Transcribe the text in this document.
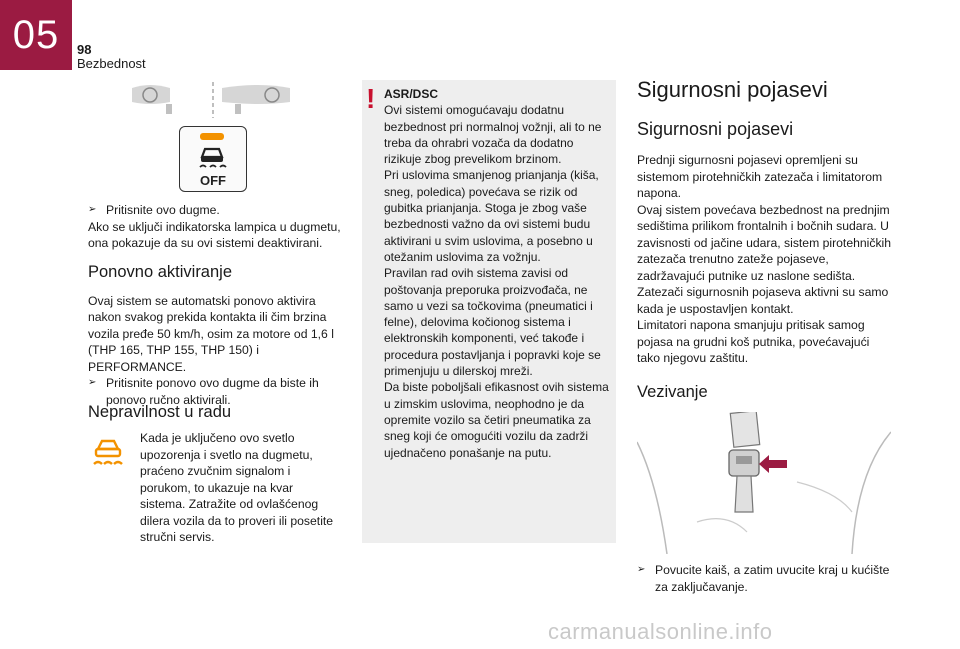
05 98
Bezbednost
OFF
➢ Pritisnite ovo dugme.

Ako se uključi indikatorska lampica u dugmetu, ona pokazuje da su ovi sistemi deaktivirani.

Ponovno aktiviranje

Ovaj sistem se automatski ponovo aktivira nakon svakog prekida kontakta ili čim brzina vozila pređe 50 km/h, osim za motore od 1,6 l (THP 165, THP 155, THP 150) i PERFORMANCE.

➢ Pritisnite ponovo ovo dugme da biste ih ponovo ručno aktivirali.
Nepravilnost u radu

Kada je uključeno ovo svetlo upozorenja i svetlo na dugmetu, praćeno zvučnim signalom i porukom, to ukazuje na kvar sistema. Zatražite od ovlašćenog dilera vozila da to proveri ili posetite stručni servis.

! ASR/DSC

Ovi sistemi omogućavaju dodatnu bezbednost pri normalnoj vožnji, ali to ne treba da ohrabri vozača da dodatno rizikuje zbog prevelikom brzinom.

Pri uslovima smanjenog prianjanja (kiša, sneg, poledica) povećava se rizik od gubitka prianjanja. Stoga je zbog vaše bezbednosti važno da ovi sistemi budu aktivirani u svim uslovima, a posebno u otežanim uslovima za vožnju.

Pravilan rad ovih sistema zavisi od poštovanja preporuka proizvođača, ne samo u vezi sa točkovima (pneumatici i felne), delovima kočionog sistema i elektronskih komponenti, već takođe i procedura postavljanja i popravki koje se primenjuju u dilerskoj mreži.

Da biste poboljšali efikasnost ovih sistema u zimskim uslovima, neophodno je da opremite vozilo sa četiri pneumatika za sneg koji će omogućiti vozilu da zadrži ujednačeno ponašanje na putu.

Sigurnosni pojasevi
Sigurnosni pojasevi

Prednji sigurnosni pojasevi opremljeni su sistemom pirotehničkih zatezača i limitatorom napona.

Ovaj sistem povećava bezbednost na prednjim sedištima prilikom frontalnih i bočnih sudara. U zavisnosti od jačine udara, sistem pirotehničkih zatezača trenutno zateže pojaseve, zadržavajući putnike uz naslone sedišta.

Zatezači sigurnosnih pojaseva aktivni su samo kada je uspostavljen kontakt.

Limitatori napona smanjuju pritisak samog pojasa na grudni koš putnika, povećavajući tako njegovu zaštitu.

Vezivanje
➢ Povucite kaiš, a zatim uvucite kraj u kućište za zaključavanje.
carmanualsonline.info
